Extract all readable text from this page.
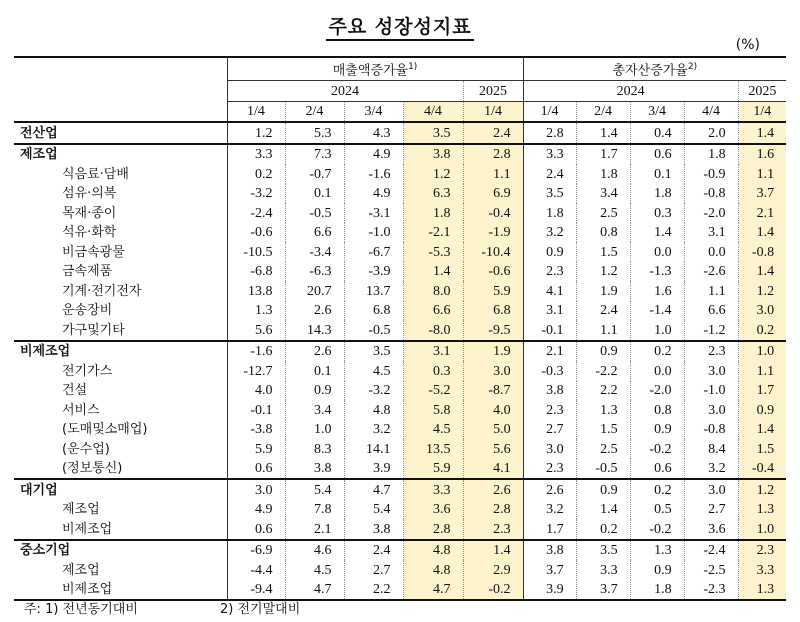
주요 성장성지표
(%)
		매출액증가율$^{1)}$					총자산증가율$^{2)}$
		2024				2025	2024				2025
		1/4	2/4	3/4	4/4	1/4	1/4	2/4	3/4	4/4	1/4
전산업		1.2	5.3	4.3	3.5	2.4	2.8	1.4	0.4	2.0	1.4
제조업		3.3	7.3	4.9	3.8	2.8	3.3	1.7	0.6	1.8	1.6
	식음료·담배	0.2	-0.7	-1.6	1.2	1.1	2.4	1.8	0.1	-0.9	1.1
	섬유·의복	-3.2	0.1	4.9	6.3	6.9	3.5	3.4	1.8	-0.8	3.7
	목재·종이	-2.4	-0.5	-3.1	1.8	-0.4	1.8	2.5	0.3	-2.0	2.1
	석유·화학	-0.6	6.6	-1.0	-2.1	-1.9	3.2	0.8	1.4	3.1	1.4
	비금속광물	-10.5	-3.4	-6.7	-5.3	-10.4	0.9	1.5	0.0	0.0	-0.8
	금속제품	-6.8	-6.3	-3.9	1.4	-0.6	2.3	1.2	-1.3	-2.6	1.4
	기계·전기전자	13.8	20.7	13.7	8.0	5.9	4.1	1.9	1.6	1.1	1.2
	운송장비	1.3	2.6	6.8	6.6	6.8	3.1	2.4	-1.4	6.6	3.0
	가구및기타	5.6	14.3	-0.5	-8.0	-9.5	-0.1	1.1	1.0	-1.2	0.2
비제조업		-1.6	2.6	3.5	3.1	1.9	2.1	0.9	0.2	2.3	1.0
	전기가스	-12.7	0.1	4.5	0.3	3.0	-0.3	-2.2	0.0	3.0	1.1
	건설	4.0	0.9	-3.2	-5.2	-8.7	3.8	2.2	-2.0	-1.0	1.7
	서비스	-0.1	3.4	4.8	5.8	4.0	2.3	1.3	0.8	3.0	0.9
	(도매및소매업)	-3.8	1.0	3.2	4.5	5.0	2.7	1.5	0.9	-0.8	1.4
	(운수업)	5.9	8.3	14.1	13.5	5.6	3.0	2.5	-0.2	8.4	1.5
	(정보통신)	0.6	3.8	3.9	5.9	4.1	2.3	-0.5	0.6	3.2	-0.4
대기업		3.0	5.4	4.7	3.3	2.6	2.6	0.9	0.2	3.0	1.2
	제조업	4.9	7.8	5.4	3.6	2.8	3.2	1.4	0.5	2.7	1.3
	비제조업	0.6	2.1	3.8	2.8	2.3	1.7	0.2	-0.2	3.6	1.0
중소기업		-6.9	4.6	2.4	4.8	1.4	3.8	3.5	1.3	-2.4	2.3
	제조업	-4.4	4.5	2.7	4.8	2.9	3.7	3.3	0.9	-2.5	3.3
	비제조업	-9.4	4.7	2.2	4.7	-0.2	3.9	3.7	1.8	-2.3	1.3
주: 1) 전년동기대비	2) 전기말대비
